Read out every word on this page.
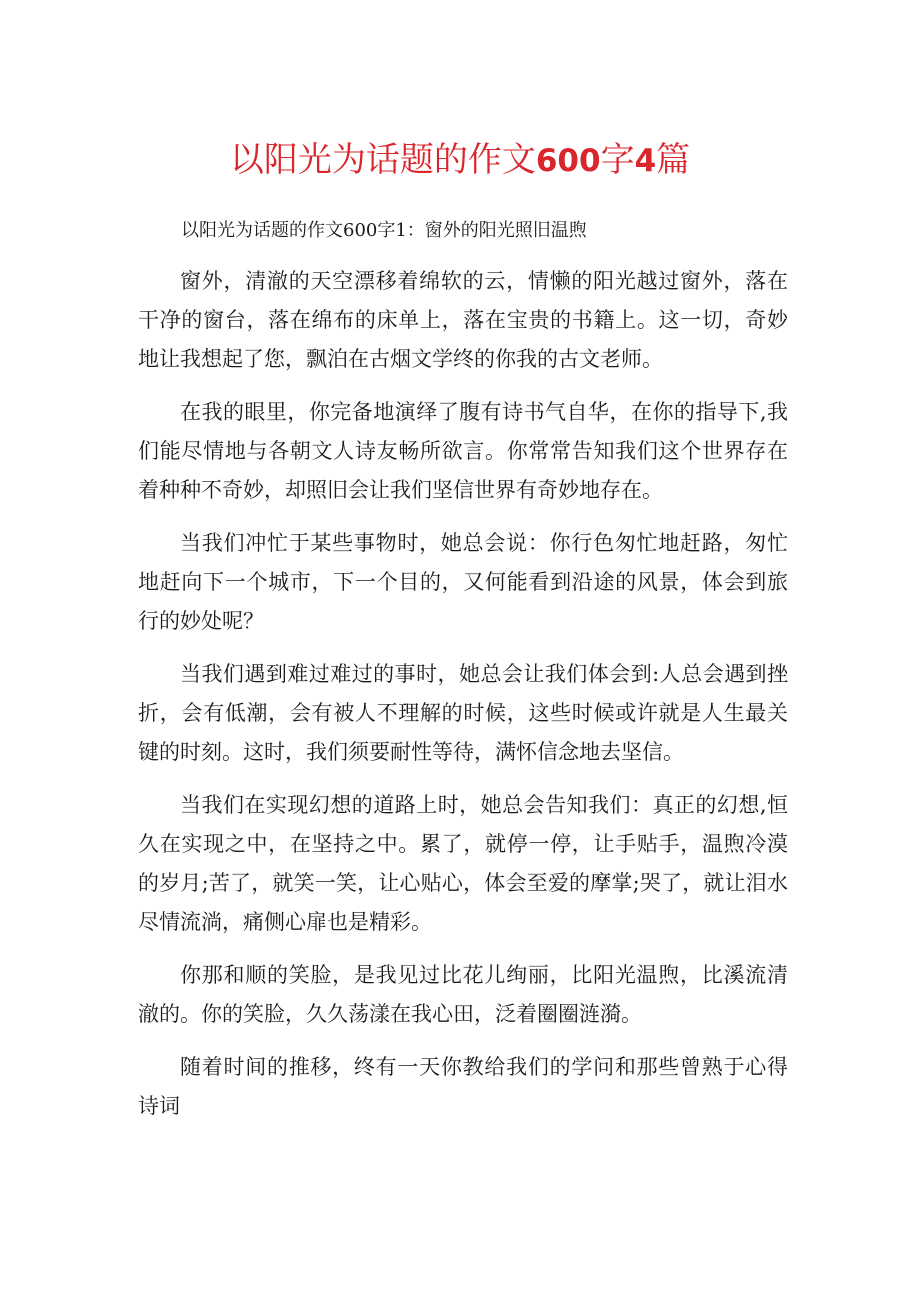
以阳光为话题的作文600字4篇
以阳光为话题的作文600字1：窗外的阳光照旧温煦

窗外，清澈的天空漂移着绵软的云，情懒的阳光越过窗外，落在干净的窗台，落在绵布的床单上，落在宝贵的书籍上。这一切，奇妙地让我想起了您，飘泊在古烟文学终的你我的古文老师。

在我的眼里，你完备地演绎了腹有诗书气自华，在你的指导下,我们能尽情地与各朝文人诗友畅所欲言。你常常告知我们这个世界存在着种种不奇妙，却照旧会让我们坚信世界有奇妙地存在。

当我们冲忙于某些事物时，她总会说：你行色匆忙地赶路，匆忙地赶向下一个城市，下一个目的，又何能看到沿途的风景，体会到旅行的妙处呢？

当我们遇到难过难过的事时，她总会让我们体会到:人总会遇到挫折，会有低潮，会有被人不理解的时候，这些时候或许就是人生最关键的时刻。这时，我们须要耐性等待，满怀信念地去坚信。

当我们在实现幻想的道路上时，她总会告知我们：真正的幻想,恒久在实现之中，在坚持之中。累了，就停一停，让手贴手，温煦冷漠的岁月;苦了，就笑一笑，让心贴心，体会至爱的摩掌;哭了，就让泪水尽情流淌，痛侧心扉也是精彩。

你那和顺的笑脸，是我见过比花儿绚丽，比阳光温煦，比溪流清澈的。你的笑脸，久久荡漾在我心田，泛着圈圈涟漪。

随着时间的推移，终有一天你教给我们的学问和那些曾熟于心得诗词
